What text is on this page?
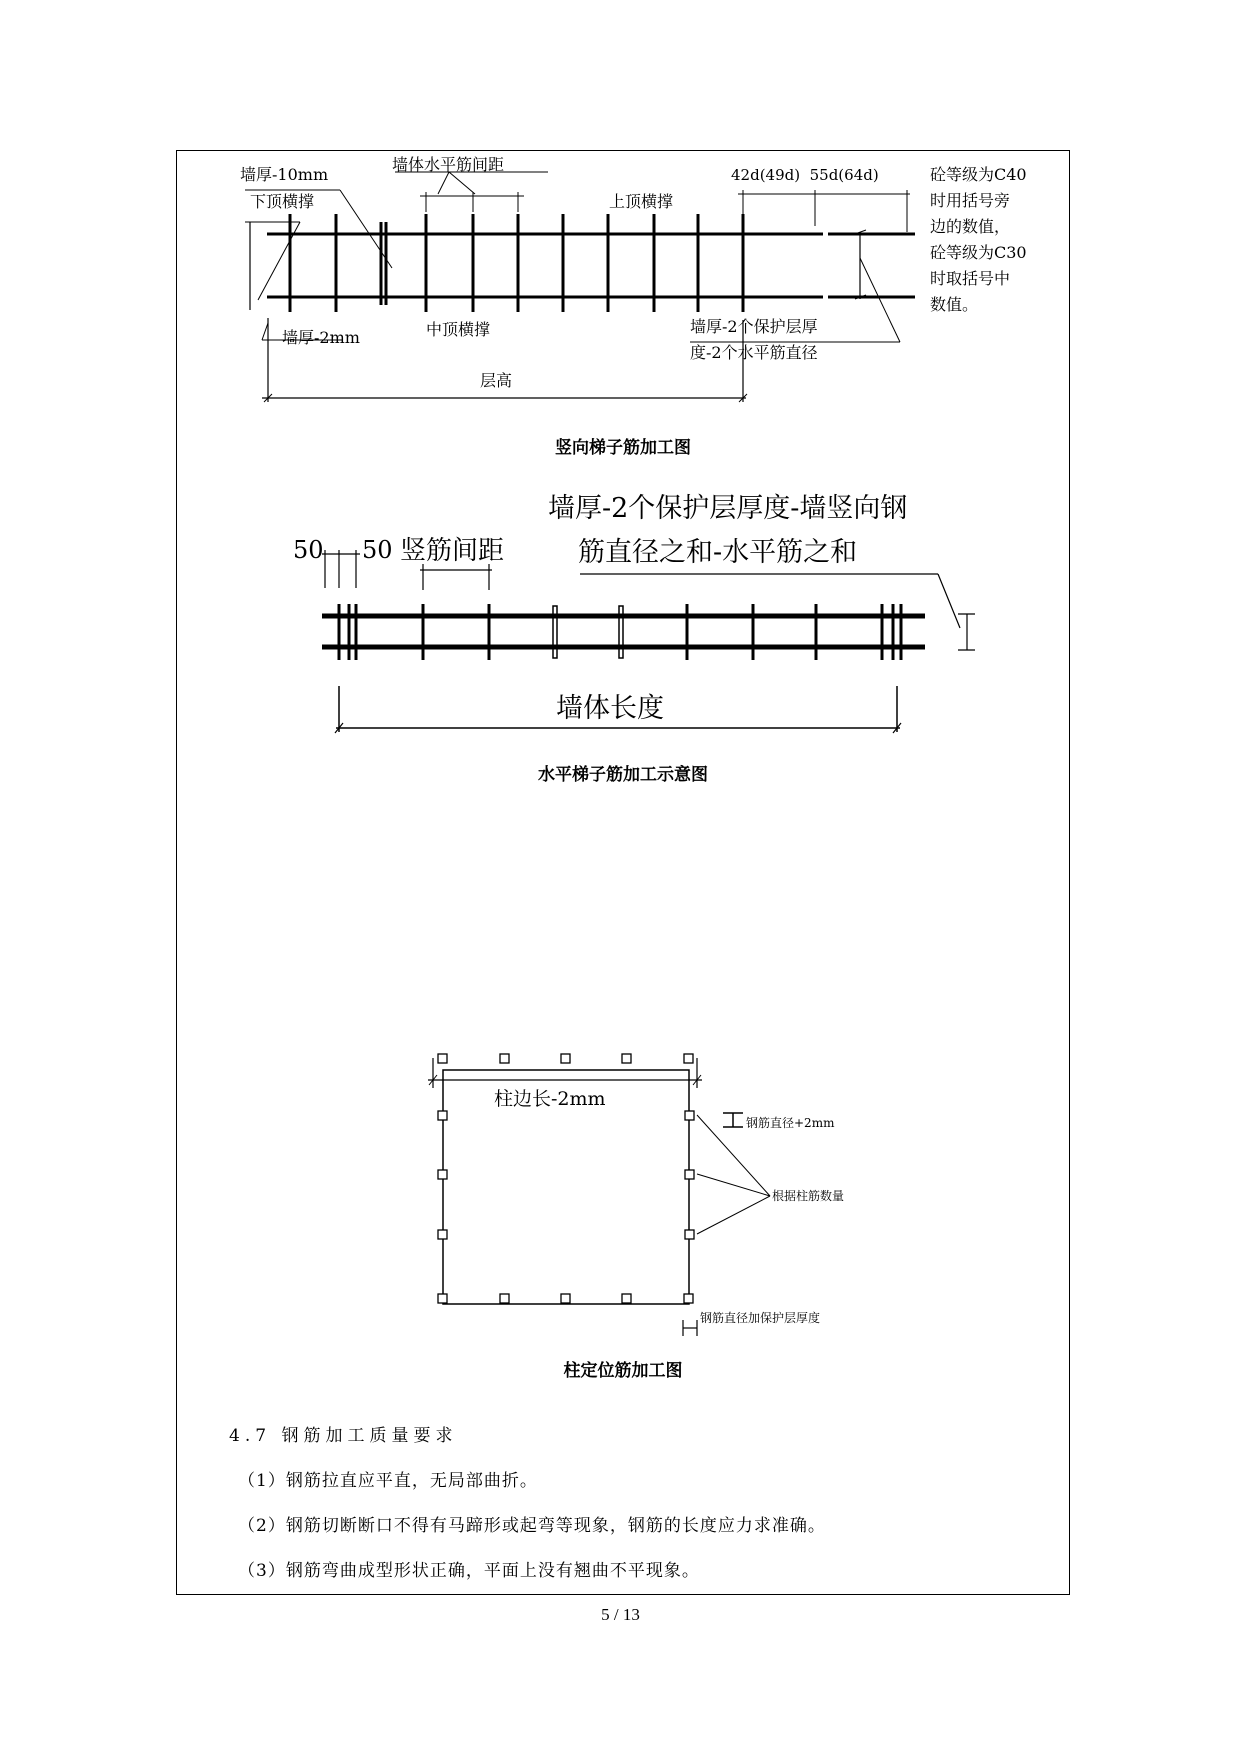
墙厚-10mm
下顶横撑
墙体水平筋间距
上顶横撑
42d(49d)  55d(64d)
墙厚-2mm	中顶横撑	墙厚-2个保护层厚
度-2个水平筋直径
层高
砼等级为C40
时用括号旁
边的数值，
砼等级为C30
时取括号中
数值。
竖向梯子筋加工图
墙厚-2个保护层厚度-墙竖向钢
筋直径之和-水平筋之和
50 50 竖筋间距
墙体长度
水平梯子筋加工示意图
柱边长-2mm
钢筋直径+2mm
根据柱筋数量
钢筋直径加保护层厚度
柱定位筋加工图
4.7 钢筋加工质量要求
（1）钢筋拉直应平直，无局部曲折。
（2）钢筋切断断口不得有马蹄形或起弯等现象，钢筋的长度应力求准确。
（3）钢筋弯曲成型形状正确，平面上没有翘曲不平现象。
5 / 13
